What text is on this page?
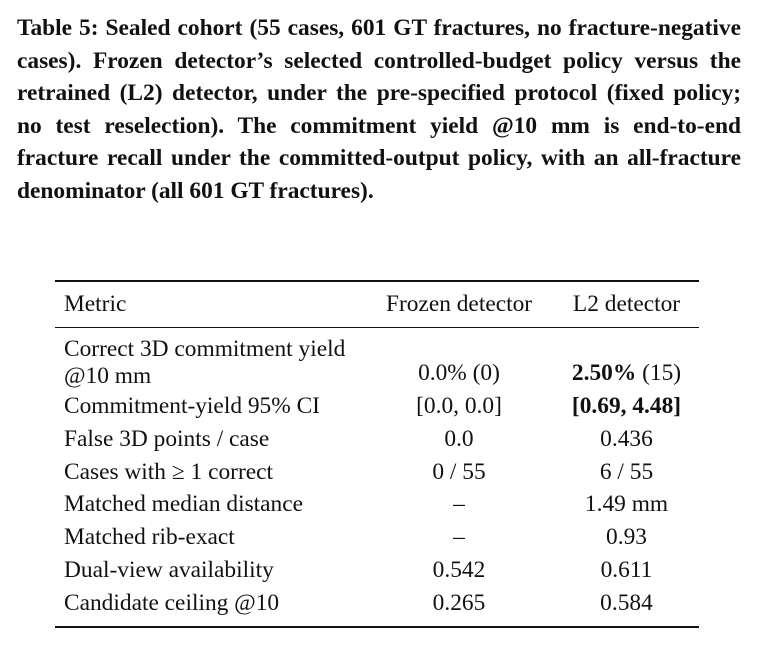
Table 5: Sealed cohort (55 cases, 601 GT fractures, no fracture-negative cases). Frozen detector’s selected controlled-budget policy versus the retrained (L2) detector, under the pre-specified protocol (fixed policy; no test reselection). The commitment yield @10 mm is end-to-end fracture recall under the committed-output policy, with an all-fracture denominator (all 601 GT fractures).
Metric	Frozen detector	L2 detector
Correct 3D commitment yield @10 mm	0.0% (0)	2.50% (15)
Commitment-yield 95% CI	[0.0, 0.0]	[0.69, 4.48]
False 3D points / case	0.0	0.436
Cases with ≥ 1 correct	0 / 55	6 / 55
Matched median distance	–	1.49 mm
Matched rib-exact	–	0.93
Dual-view availability	0.542	0.611
Candidate ceiling @10	0.265	0.584
